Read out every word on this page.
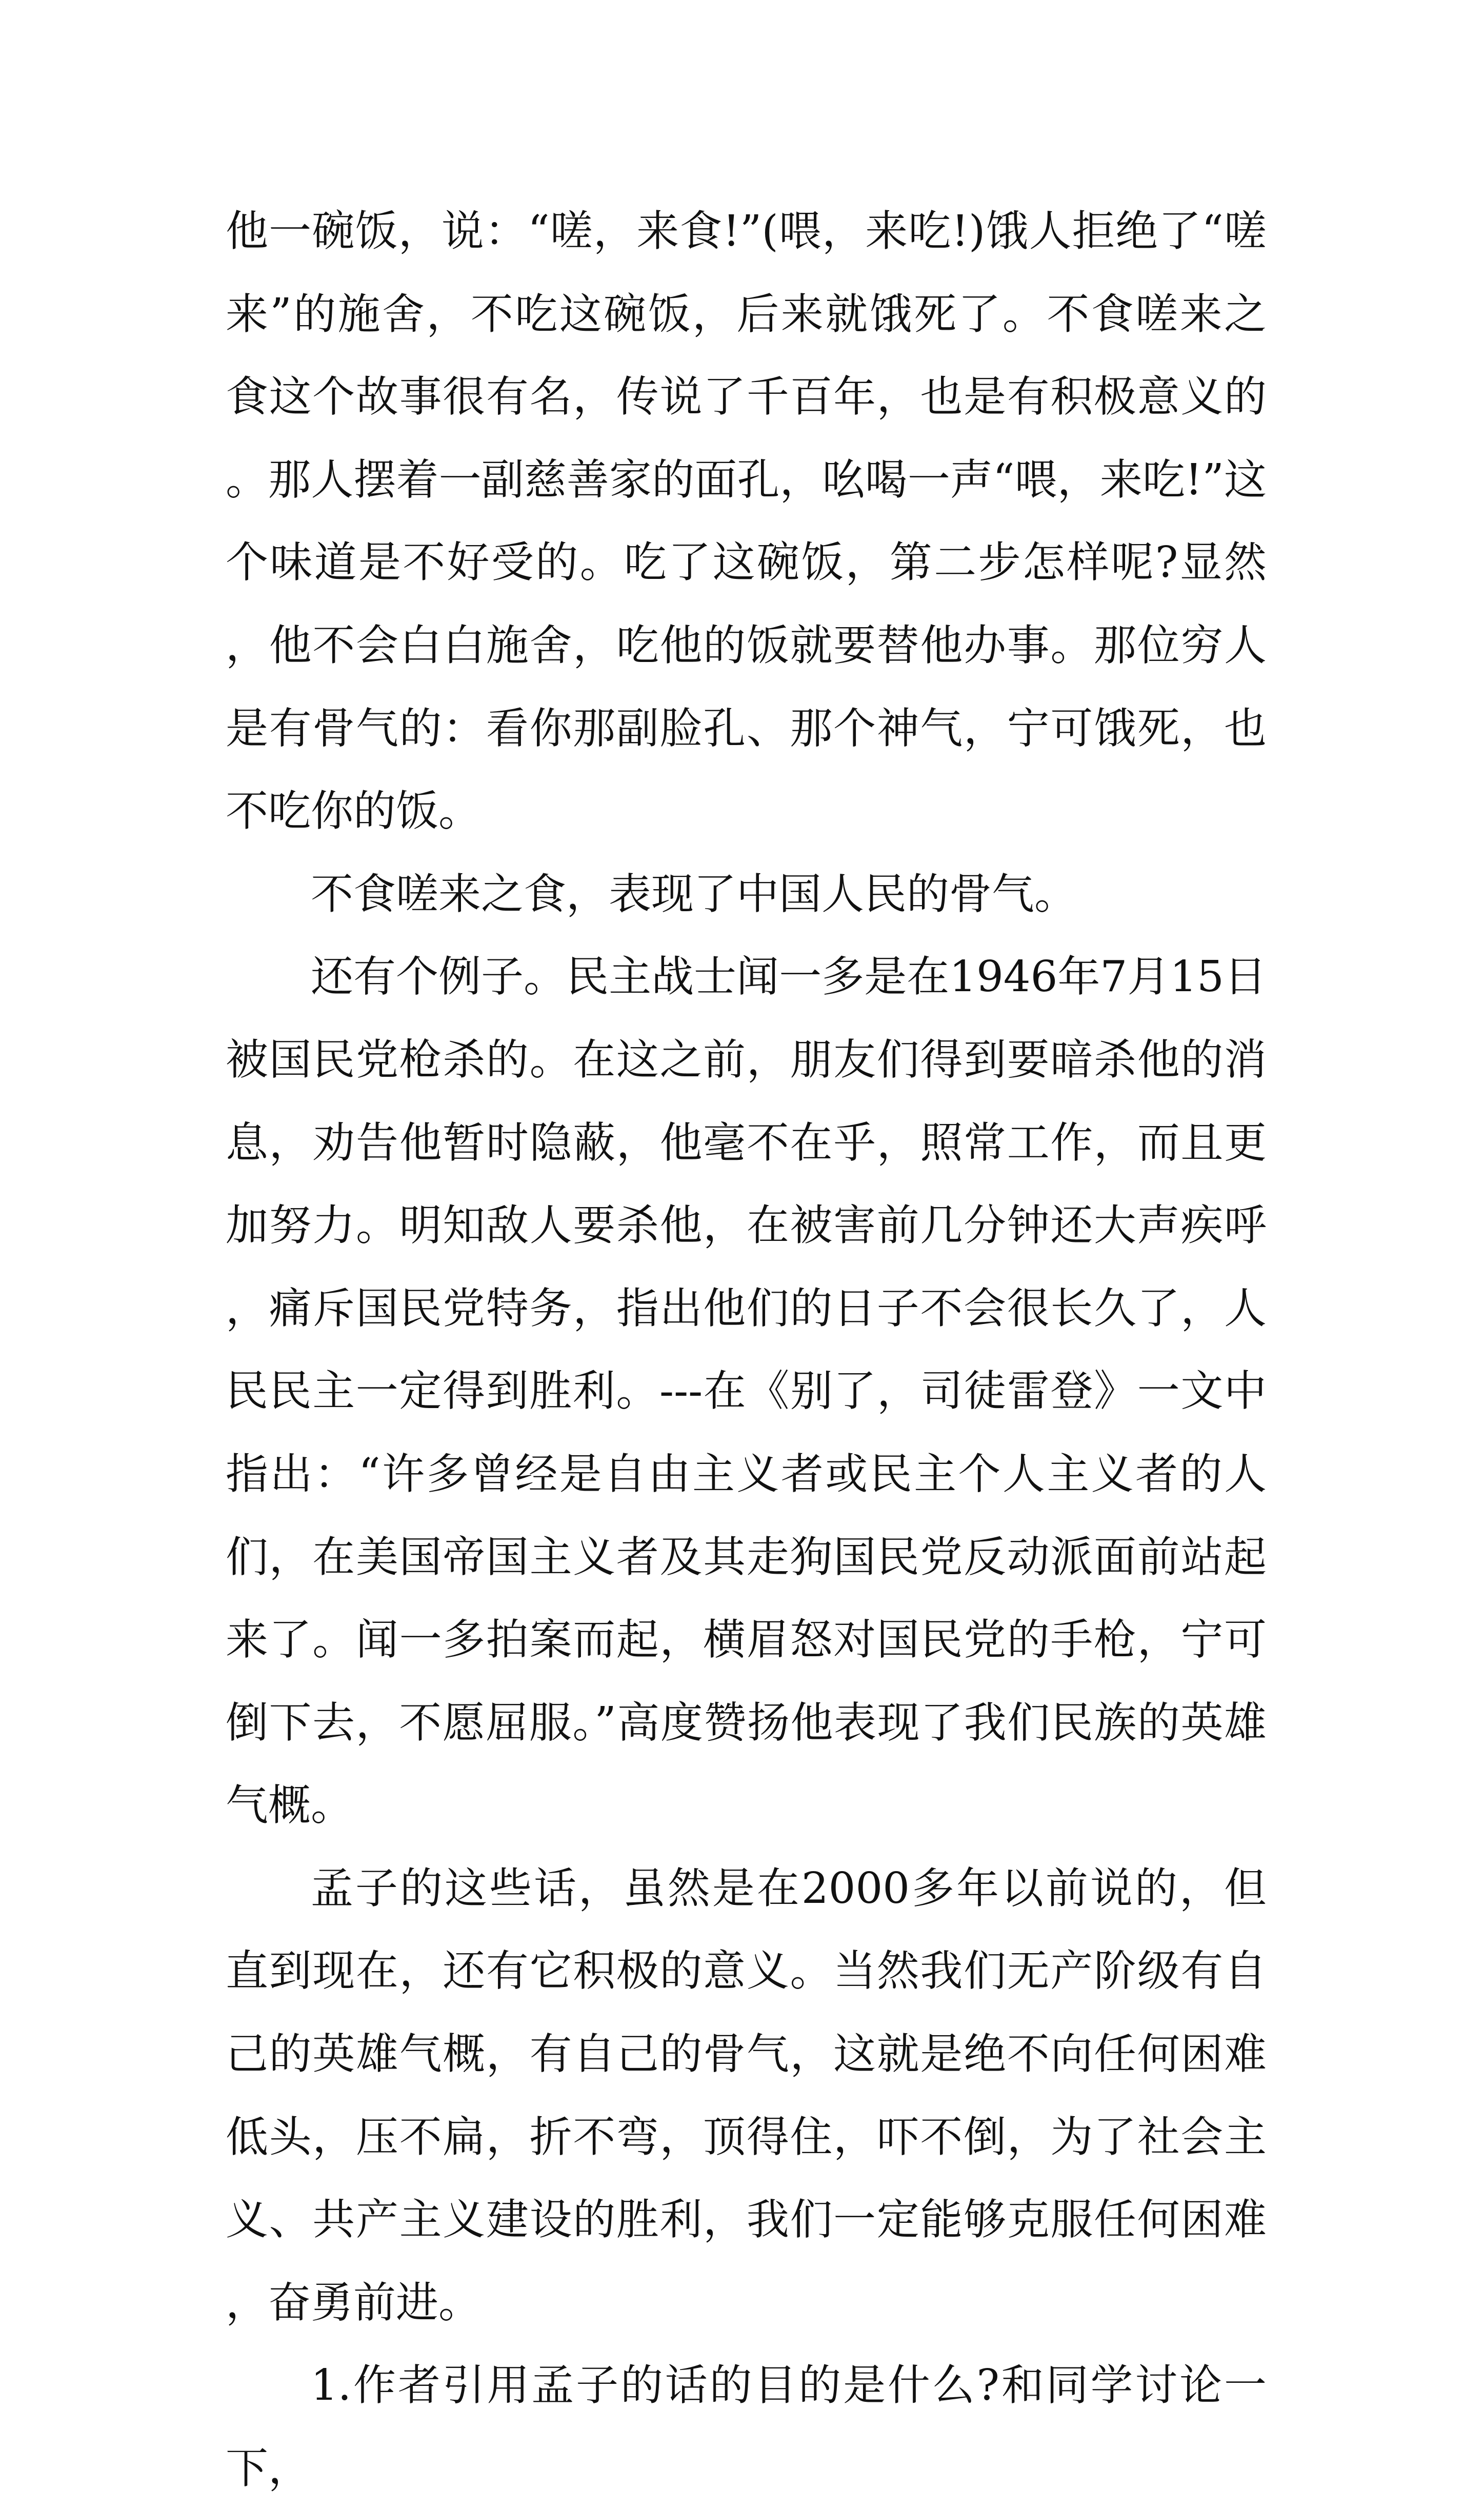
他一碗饭，说：“嗟，来食!”(喂，来吃!)饿人拒绝了“嗟来”的施舍，不吃这碗饭，后来就饿死了。不食嗟来之食这个故事很有名，传说了千百年，也是有积极意义的。那人摆着一副慈善家的面孔，吆喝一声“喂，来吃!”这个味道是不好受的。吃了这碗饭，第二步怎样呢?显然，他不会白白施舍，吃他的饭就要替他办事。那位穷人是有骨气的：看你那副脸孔、那个神气，宁可饿死，也不吃你的饭。

不食嗟来之食，表现了中国人民的骨气。

还有个例子。民主战士闻一多是在1946年7月15日被国民党枪杀的。在这之前，朋友们得到要暗杀他的消息，劝告他暂时隐蔽，他毫不在乎，照常工作，而且更加努力。明知敌人要杀他，在被害前几分钟还大声疾呼，痛斥国民党特务，指出他们的日子不会很长久了，人民民主一定得到胜利。---在《别了，司徒雷登》一文中指出：“许多曾经是自由主义者或民主个人主义者的人们，在美国帝国主义者及其走狗国民党反动派面前站起来了。闻一多拍案而起，横眉怒对国民党的手枪，宁可倒下去，不愿屈服。”高度赞扬他表现了我们民族的英雄气概。

孟子的这些话，虽然是在2000多年以前说的，但直到现在，还有它积极的意义。当然我们无产阶级有自己的英雄气概，有自己的骨气，这就是绝不向任何困难低头，压不扁，折不弯，顶得住，吓不倒，为了社会主义、共产主义建设的胜利，我们一定能够克服任何困难，奋勇前进。

1.作者引用孟子的话的目的是什么?和同学讨论一下，
